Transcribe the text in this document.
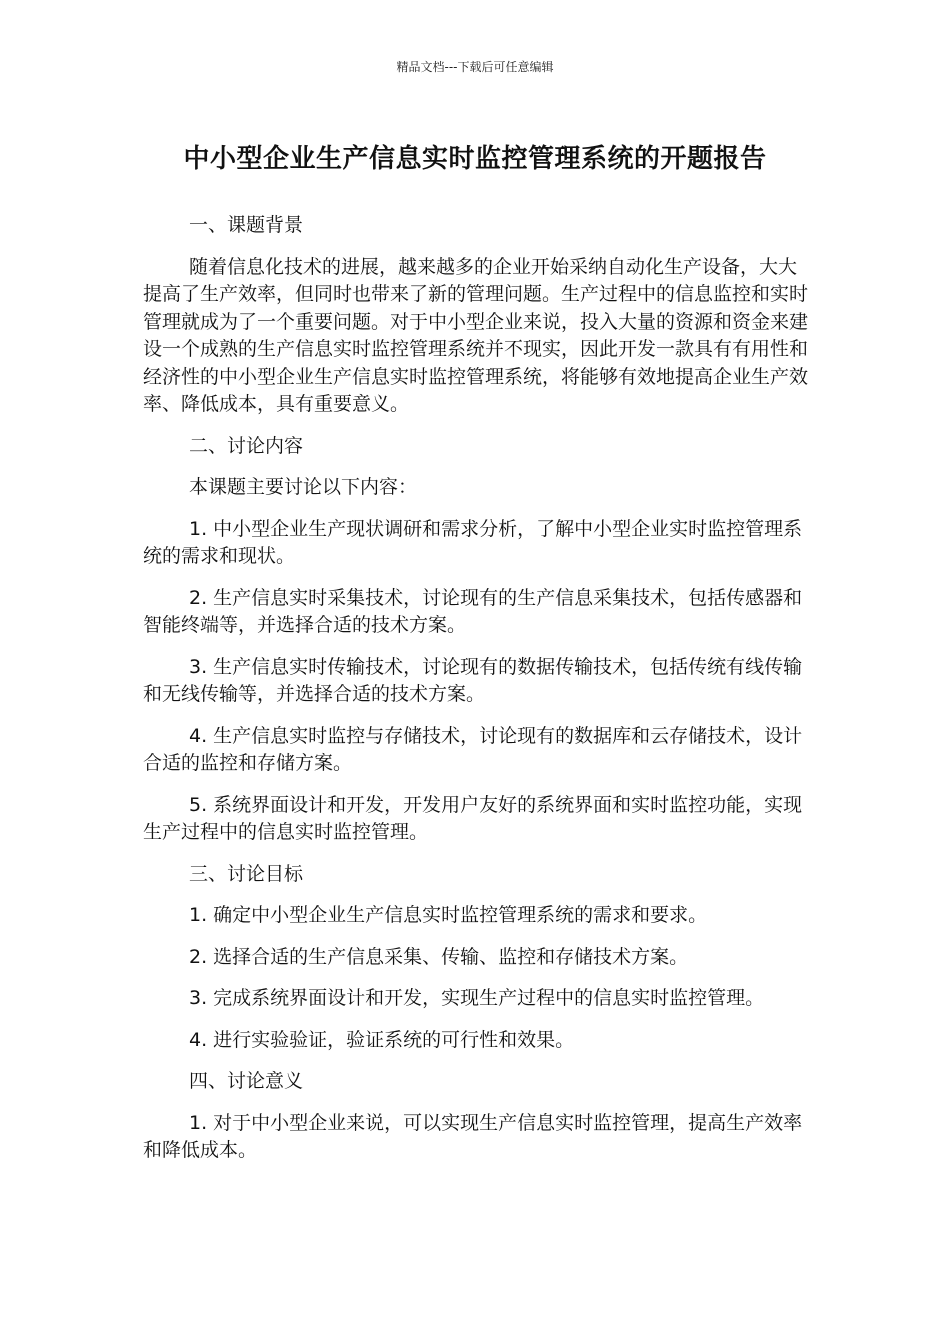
精品文档---下载后可任意编辑
中小型企业生产信息实时监控管理系统的开题报告

一、课题背景

随着信息化技术的进展，越来越多的企业开始采纳自动化生产设备，大大提高了生产效率，但同时也带来了新的管理问题。生产过程中的信息监控和实时管理就成为了一个重要问题。对于中小型企业来说，投入大量的资源和资金来建设一个成熟的生产信息实时监控管理系统并不现实，因此开发一款具有有用性和经济性的中小型企业生产信息实时监控管理系统，将能够有效地提高企业生产效率、降低成本，具有重要意义。

二、讨论内容

本课题主要讨论以下内容：

1. 中小型企业生产现状调研和需求分析，了解中小型企业实时监控管理系统的需求和现状。

2. 生产信息实时采集技术，讨论现有的生产信息采集技术，包括传感器和智能终端等，并选择合适的技术方案。

3. 生产信息实时传输技术，讨论现有的数据传输技术，包括传统有线传输和无线传输等，并选择合适的技术方案。

4. 生产信息实时监控与存储技术，讨论现有的数据库和云存储技术，设计合适的监控和存储方案。

5. 系统界面设计和开发，开发用户友好的系统界面和实时监控功能，实现生产过程中的信息实时监控管理。

三、讨论目标

1. 确定中小型企业生产信息实时监控管理系统的需求和要求。

2. 选择合适的生产信息采集、传输、监控和存储技术方案。

3. 完成系统界面设计和开发，实现生产过程中的信息实时监控管理。

4. 进行实验验证，验证系统的可行性和效果。

四、讨论意义

1. 对于中小型企业来说，可以实现生产信息实时监控管理，提高生产效率和降低成本。
